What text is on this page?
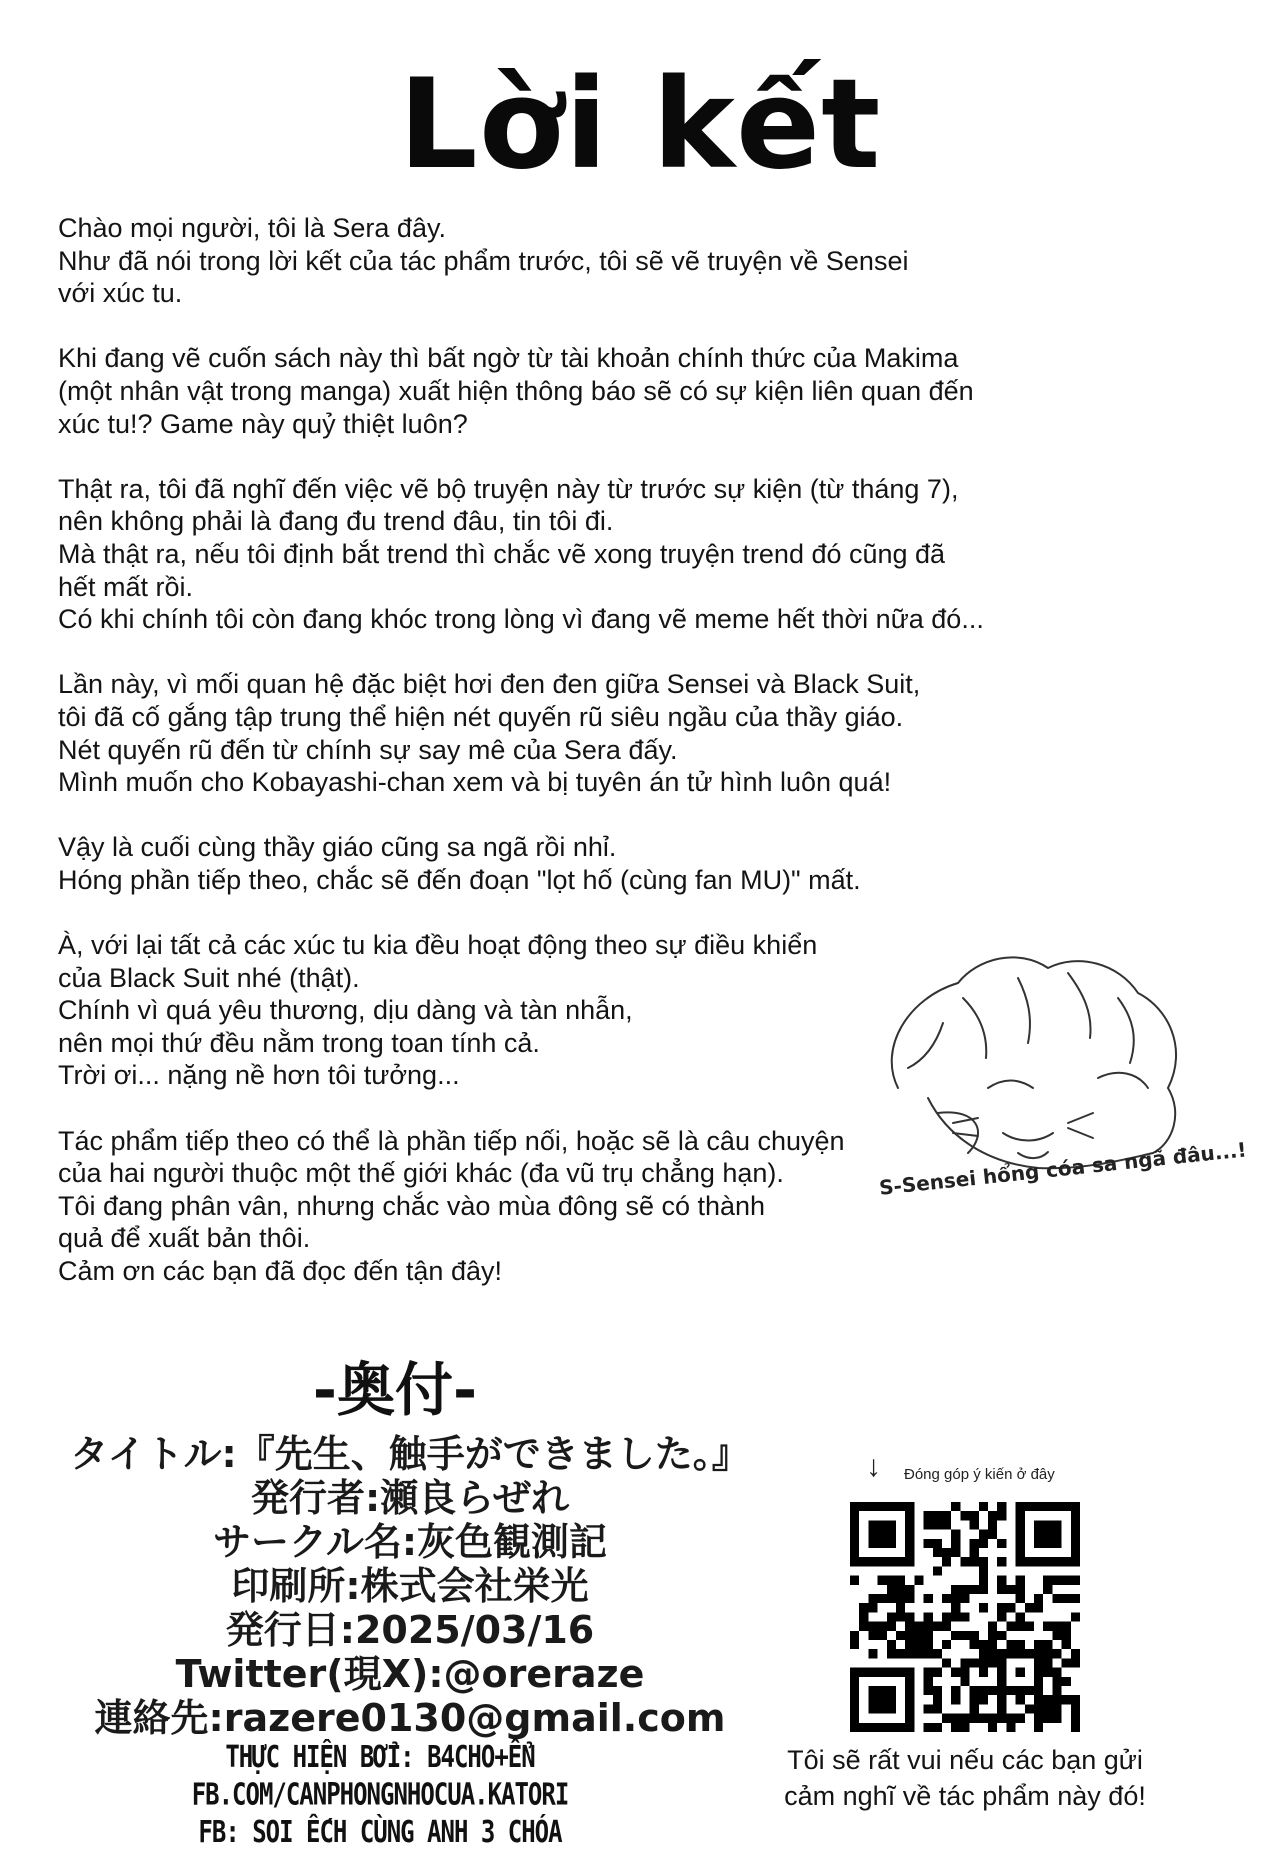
Lời kết

Chào mọi người, tôi là Sera đây.
Như đã nói trong lời kết của tác phẩm trước, tôi sẽ vẽ truyện về Sensei
với xúc tu.

Khi đang vẽ cuốn sách này thì bất ngờ từ tài khoản chính thức của Makima
(một nhân vật trong manga) xuất hiện thông báo sẽ có sự kiện liên quan đến
xúc tu!? Game này quỷ thiệt luôn?

Thật ra, tôi đã nghĩ đến việc vẽ bộ truyện này từ trước sự kiện (từ tháng 7),
nên không phải là đang đu trend đâu, tin tôi đi.
Mà thật ra, nếu tôi định bắt trend thì chắc vẽ xong truyện trend đó cũng đã
hết mất rồi.
Có khi chính tôi còn đang khóc trong lòng vì đang vẽ meme hết thời nữa đó...

Lần này, vì mối quan hệ đặc biệt hơi đen đen giữa Sensei và Black Suit,
tôi đã cố gắng tập trung thể hiện nét quyến rũ siêu ngầu của thầy giáo.
Nét quyến rũ đến từ chính sự say mê của Sera đấy.
Mình muốn cho Kobayashi-chan xem và bị tuyên án tử hình luôn quá!

Vậy là cuối cùng thầy giáo cũng sa ngã rồi nhỉ.
Hóng phần tiếp theo, chắc sẽ đến đoạn "lọt hố (cùng fan MU)" mất.

À, với lại tất cả các xúc tu kia đều hoạt động theo sự điều khiển
của Black Suit nhé (thật).
Chính vì quá yêu thương, dịu dàng và tàn nhẫn,
nên mọi thứ đều nằm trong toan tính cả.
Trời ơi... nặng nề hơn tôi tưởng...

Tác phẩm tiếp theo có thể là phần tiếp nối, hoặc sẽ là câu chuyện
của hai người thuộc một thế giới khác (đa vũ trụ chẳng hạn).
Tôi đang phân vân, nhưng chắc vào mùa đông sẽ có thành
quả để xuất bản thôi.
Cảm ơn các bạn đã đọc đến tận đây!

S-Sensei hổng cóa sa ngã đâu...!
-奥付-
タイトル:『先生、触手ができました。』
発行者:瀬良らぜれ
サークル名:灰色観測記
印刷所:株式会社栄光
発行日:2025/03/16
Twitter(現X):@oreraze
連絡先:razere0130@gmail.com
THỰC HIỆN BỞI: B4CHO+ỂN
FB.COM/CANPHONGNHOCUA.KATORI
FB: SOI ẾCH CÙNG ANH 3 CHÓA
↓ Đóng góp ý kiến ở đây
Tôi sẽ rất vui nếu các bạn gửi
cảm nghĩ về tác phẩm này đó!
